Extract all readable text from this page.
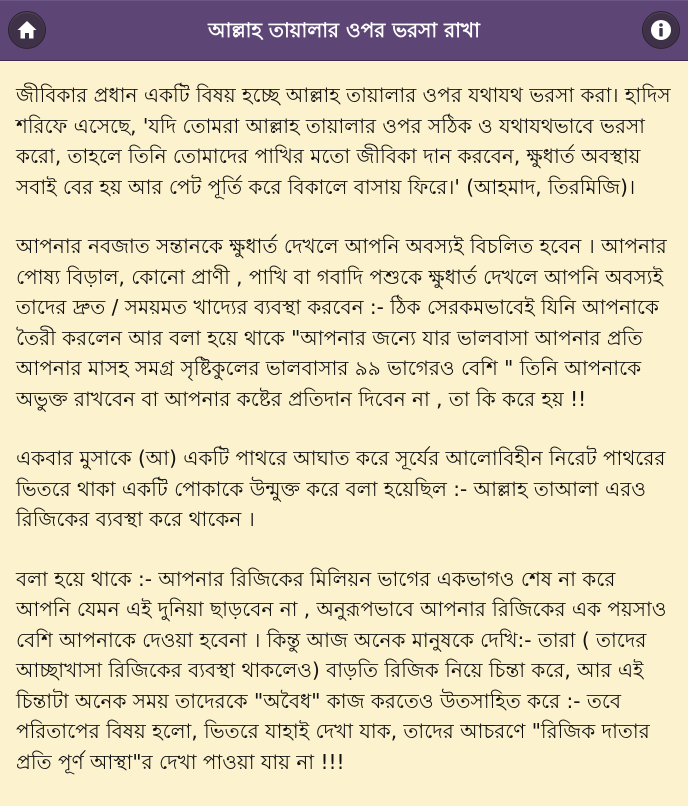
আল্লাহ তায়ালার ওপর ভরসা রাখা

জীবিকার প্রধান একটি বিষয় হচ্ছে আল্লাহ তায়ালার ওপর যথাযথ ভরসা করা। হাদিস শরিফে এসেছে, 'যদি তোমরা আল্লাহ তায়ালার ওপর সঠিক ও যথাযথভাবে ভরসা করো, তাহলে তিনি তোমাদের পাখির মতো জীবিকা দান করবেন, ক্ষুধার্ত অবস্থায় সবাই বের হয় আর পেট পূর্তি করে বিকালে বাসায় ফিরে।' (আহমাদ, তিরমিজি)।

আপনার নবজাত সন্তানকে ক্ষুধার্ত দেখলে আপনি অবস্যই বিচলিত হবেন । আপনার পোষ্য বিড়াল, কোনো প্রাণী , পাখি বা গবাদি পশুকে ক্ষুধার্ত দেখলে আপনি অবস্যই তাদের দ্রুত / সময়মত খাদ্যের ব্যবস্থা করবেন :- ঠিক সেরকমভাবেই যিনি আপনাকে তৈরী করলেন আর বলা হয়ে থাকে "আপনার জন্যে যার ভালবাসা আপনার প্রতি আপনার মাসহ সমগ্র সৃষ্টিকুলের ভালবাসার ৯৯ ভাগেরও বেশি " তিনি আপনাকে অভুক্ত রাখবেন বা আপনার কষ্টের প্রতিদান দিবেন না , তা কি করে হয় !!

একবার মুসাকে (আ) একটি পাথরে আঘাত করে সূর্যের আলোবিহীন নিরেট পাথরের ভিতরে থাকা একটি পোকাকে উন্মুক্ত করে বলা হয়েছিল :- আল্লাহ তাআলা এরও রিজিকের ব্যবস্থা করে থাকেন ।

বলা হয়ে থাকে :- আপনার রিজিকের মিলিয়ন ভাগের একভাগও শেষ না করে আপনি যেমন এই দুনিয়া ছাড়বেন না , অনুরূপভাবে আপনার রিজিকের এক পয়সাও বেশি আপনাকে দেওয়া হবেনা । কিন্তু আজ অনেক মানুষকে দেখি:- তারা ( তাদের আচ্ছাখাসা রিজিকের ব্যবস্থা থাকলেও) বাড়তি রিজিক নিয়ে চিন্তা করে, আর এই চিন্তাটা অনেক সময় তাদেরকে "অবৈধ" কাজ করতেও উতসাহিত করে :- তবে পরিতাপের বিষয় হলো, ভিতরে যাহাই দেখা যাক, তাদের আচরণে "রিজিক দাতার প্রতি পূর্ণ আস্থা"র দেখা পাওয়া যায় না !!!
